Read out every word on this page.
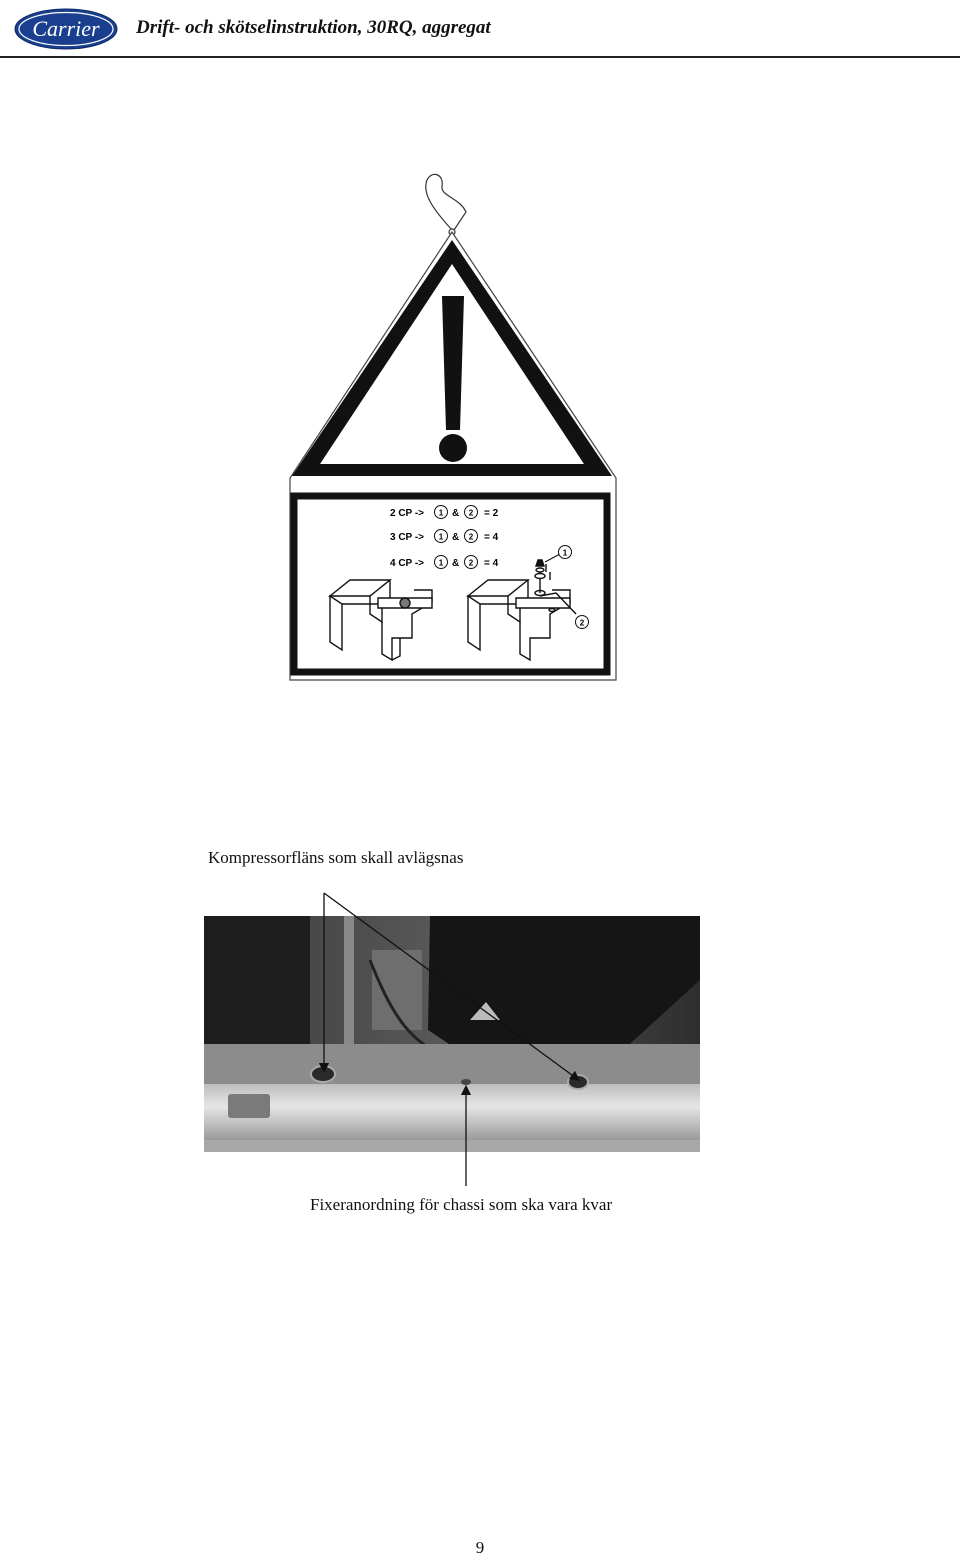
Carrier	Drift- och skötselinstruktion, 30RQ, aggregat
2 CP -> 1 & 2 = 2
3 CP -> 1 & 2 = 4
4 CP -> 1 & 2 = 4
1
2
Kompressorfläns som skall avlägsnas
Fixeranordning för chassi som ska vara kvar
9
